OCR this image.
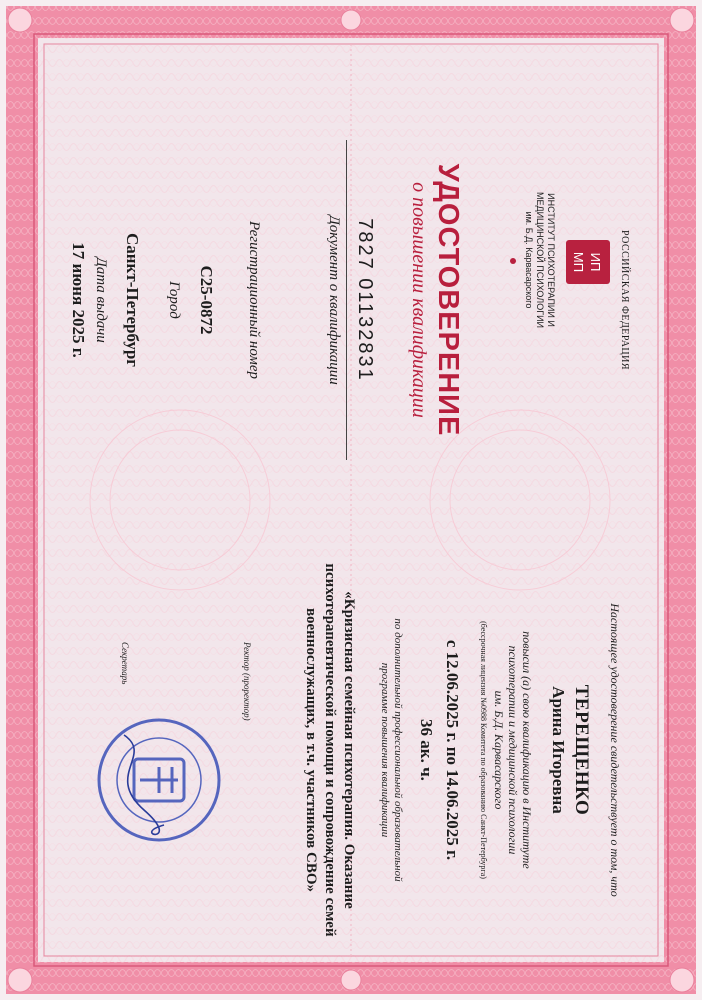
РОССИЙСКАЯ ФЕДЕРАЦИЯ
ИП
МП
ИНСТИТУТ ПСИХОТЕРАПИИ И
МЕДИЦИНСКОЙ ПСИХОЛОГИИ
им. Б.Д. Карвасарского
УДОСТОВЕРЕНИЕ
о повышении квалификации
7827 01132831
Документ о квалификации
Регистрационный номер
С25-0872
Город
Санкт-Петербург
Дата выдачи
17 июня 2025 г.
Настоящее удостоверение свидетельствует о том, что
ТЕРЕЩЕНКО
Арина Игоревна
повысил (а) свою квалификацию в Институте
психотерапии и медицинской психологии
им. Б.Д. Карвасарского
(бессрочная лицензия №0988 Комитета по образованию Санкт-Петербурга)
с 12.06.2025 г. по 14.06.2025 г.
36 ак. ч.
по дополнительной профессиональной образовательной
программе повышения квалификации
«Кризисная семейная психотерапия. Оказание
психотерапевтической помощи и сопровождение семей
военнослужащих, в т.ч. участников СВО»
Ректор (проректор)
Секретарь
